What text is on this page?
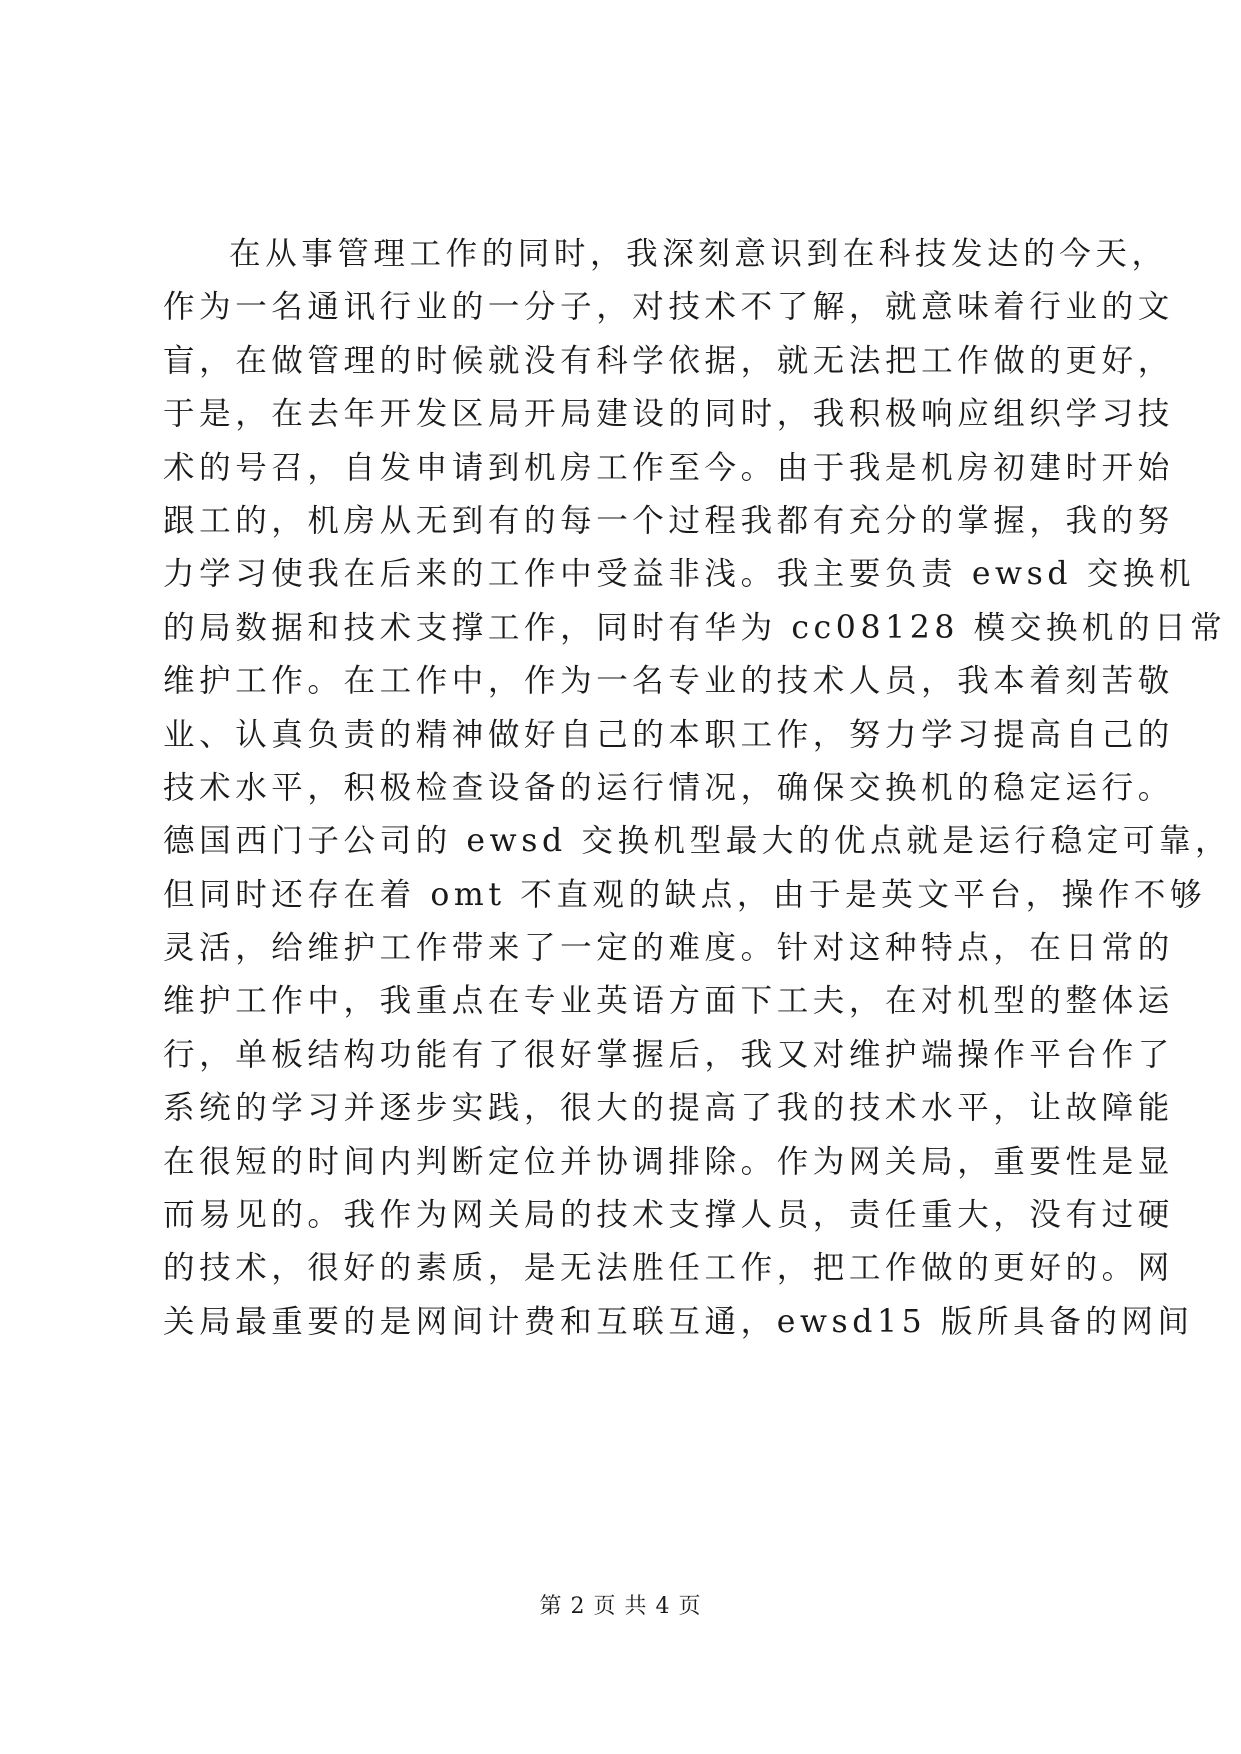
在从事管理工作的同时，我深刻意识到在科技发达的今天，

作为一名通讯行业的一分子，对技术不了解，就意味着行业的文

盲，在做管理的时候就没有科学依据，就无法把工作做的更好，

于是，在去年开发区局开局建设的同时，我积极响应组织学习技

术的号召，自发申请到机房工作至今。由于我是机房初建时开始

跟工的，机房从无到有的每一个过程我都有充分的掌握，我的努

力学习使我在后来的工作中受益非浅。我主要负责 ewsd 交换机

的局数据和技术支撑工作，同时有华为 cc08128 模交换机的日常

维护工作。在工作中，作为一名专业的技术人员，我本着刻苦敬

业、认真负责的精神做好自己的本职工作，努力学习提高自己的

技术水平，积极检查设备的运行情况，确保交换机的稳定运行。

德国西门子公司的 ewsd 交换机型最大的优点就是运行稳定可靠，

但同时还存在着 omt 不直观的缺点，由于是英文平台，操作不够

灵活，给维护工作带来了一定的难度。针对这种特点，在日常的

维护工作中，我重点在专业英语方面下工夫，在对机型的整体运

行，单板结构功能有了很好掌握后，我又对维护端操作平台作了

系统的学习并逐步实践，很大的提高了我的技术水平，让故障能

在很短的时间内判断定位并协调排除。作为网关局，重要性是显

而易见的。我作为网关局的技术支撑人员，责任重大，没有过硬

的技术，很好的素质，是无法胜任工作，把工作做的更好的。网

关局最重要的是网间计费和互联互通，ewsd15 版所具备的网间

第 2 页 共 4 页
